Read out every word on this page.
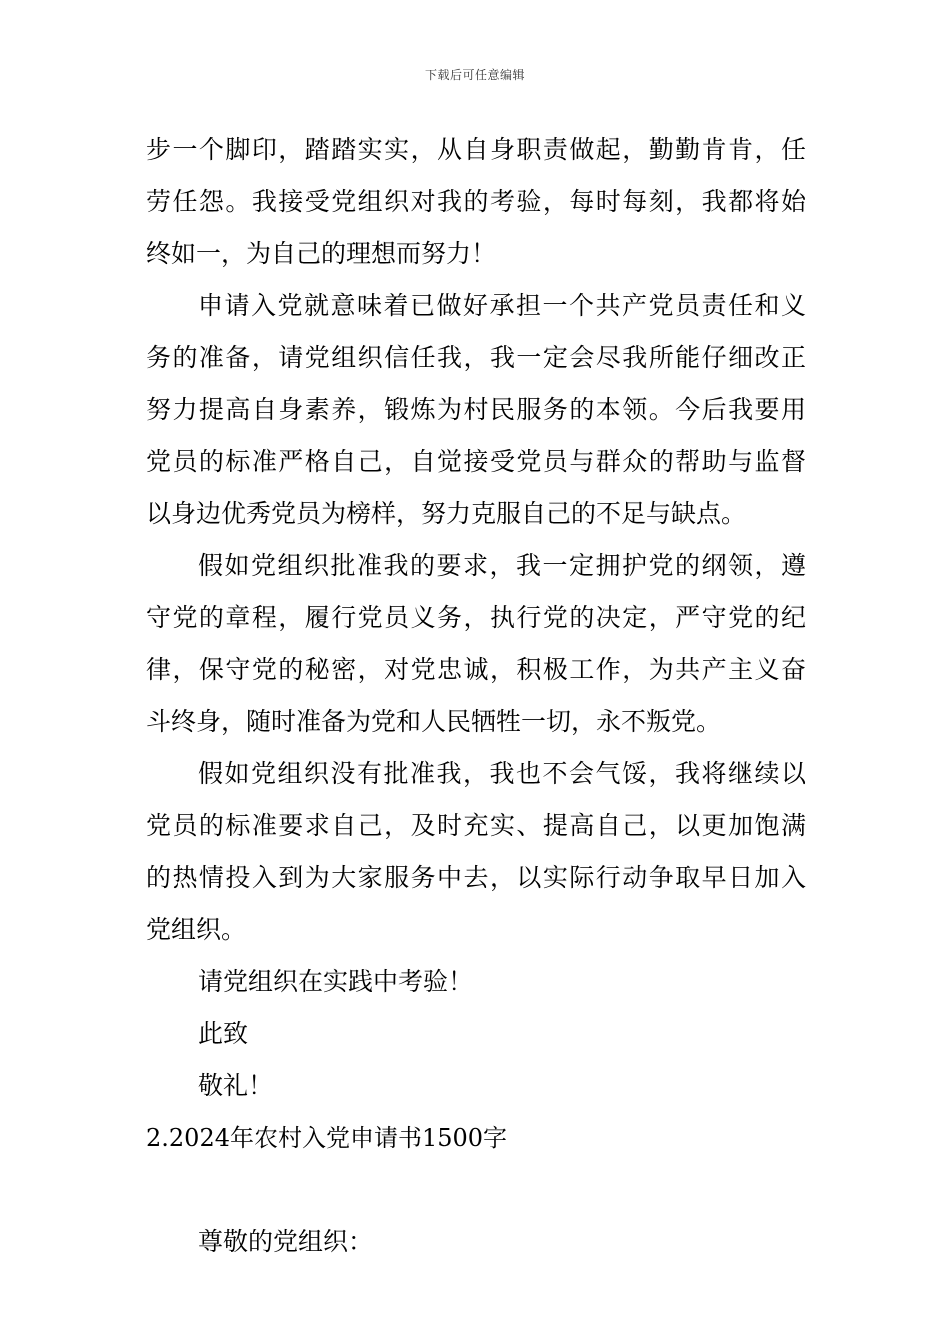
下载后可任意编辑
步一个脚印，踏踏实实，从自身职责做起，勤勤肯肯，任
劳任怨。我接受党组织对我的考验，每时每刻，我都将始
终如一，为自己的理想而努力！
申请入党就意味着已做好承担一个共产党员责任和义
务的准备，请党组织信任我，我一定会尽我所能仔细改正
努力提高自身素养，锻炼为村民服务的本领。今后我要用
党员的标准严格自己，自觉接受党员与群众的帮助与监督
以身边优秀党员为榜样，努力克服自己的不足与缺点。
假如党组织批准我的要求，我一定拥护党的纲领，遵
守党的章程，履行党员义务，执行党的决定，严守党的纪
律，保守党的秘密，对党忠诚，积极工作，为共产主义奋
斗终身，随时准备为党和人民牺牲一切，永不叛党。
假如党组织没有批准我，我也不会气馁，我将继续以
党员的标准要求自己，及时充实、提高自己，以更加饱满
的热情投入到为大家服务中去，以实际行动争取早日加入
党组织。
请党组织在实践中考验！
此致
敬礼！
2.2024年农村入党申请书1500字
尊敬的党组织：
